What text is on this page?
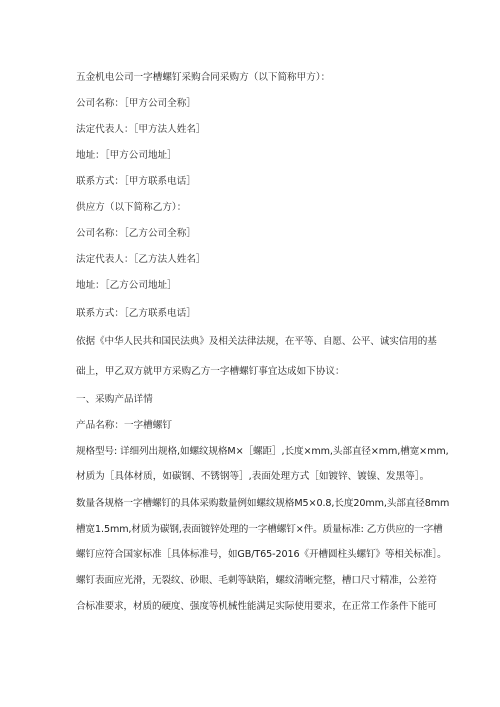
五金机电公司一字槽螺钉采购合同采购方（以下简称甲方）：
公司名称：［甲方公司全称］
法定代表人：［甲方法人姓名］
地址：［甲方公司地址］
联系方式：［甲方联系电话］
供应方（以下简称乙方）：
公司名称：［乙方公司全称］
法定代表人：［乙方法人姓名］
地址：［乙方公司地址］
联系方式：［乙方联系电话］
依据《中华人民共和国民法典》及相关法律法规，在平等、自愿、公平、诚实信用的基
础上，甲乙双方就甲方采购乙方一字槽螺钉事宜达成如下协议：
一、采购产品详情
产品名称：一字槽螺钉
规格型号: 详细列出规格,如螺纹规格M×［螺距］,长度×mm,头部直径×mm,槽宽×mm,
材质为［具体材质，如碳钢、不锈钢等］,表面处理方式［如镀锌、镀镍、发黑等］。
数量各规格一字槽螺钉的具体采购数量例如螺纹规格M5×0.8,长度20mm,头部直径8mm
槽宽1.5mm,材质为碳钢,表面镀锌处理的一字槽螺钉×件。质量标准: 乙方供应的一字槽
螺钉应符合国家标准［具体标准号，如GB/T65-2016《开槽圆柱头螺钉》等相关标准］。
螺钉表面应光滑，无裂纹、砂眼、毛刺等缺陷，螺纹清晰完整，槽口尺寸精准，公差符
合标准要求，材质的硬度、强度等机械性能满足实际使用要求，在正常工作条件下能可
